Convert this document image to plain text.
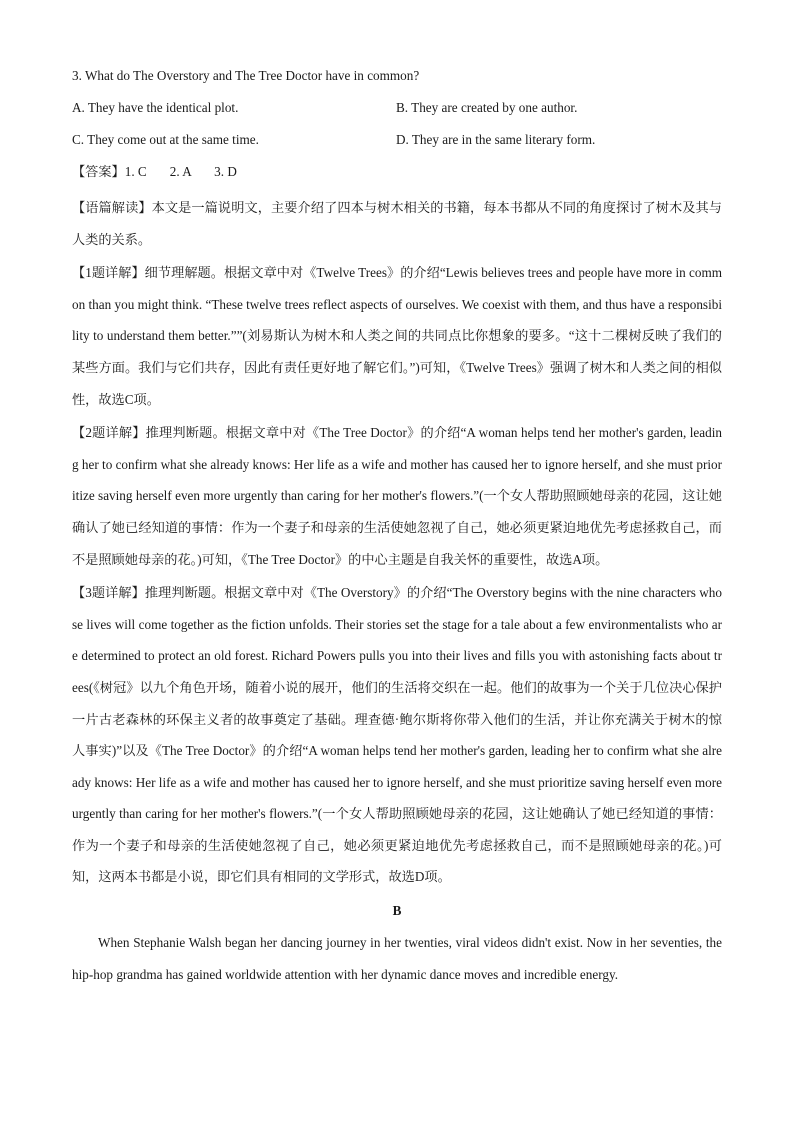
3. What do The Overstory and The Tree Doctor have in common?
A. They have the identical plot.	B. They are created by one author.
C. They come out at the same time.	D. They are in the same literary form.
【答案】1. C       2. A       3. D

【语篇解读】本文是一篇说明文，主要介绍了四本与树木相关的书籍，每本书都从不同的角度探讨了树木及其与人类的关系。

【1题详解】细节理解题。根据文章中对《Twelve Trees》的介绍“Lewis believes trees and people have more in common than you might think. “These twelve trees reflect aspects of ourselves. We coexist with them, and thus have a responsibility to understand them better.””(刘易斯认为树木和人类之间的共同点比你想象的要多。“这十二棵树反映了我们的某些方面。我们与它们共存，因此有责任更好地了解它们。”)可知，《Twelve Trees》强调了树木和人类之间的相似性，故选C项。

【2题详解】推理判断题。根据文章中对《The Tree Doctor》的介绍“A woman helps tend her mother's garden, leading her to confirm what she already knows: Her life as a wife and mother has caused her to ignore herself, and she must prioritize saving herself even more urgently than caring for her mother's flowers.”(一个女人帮助照顾她母亲的花园，这让她确认了她已经知道的事情：作为一个妻子和母亲的生活使她忽视了自己，她必须更紧迫地优先考虑拯救自己，而不是照顾她母亲的花。)可知，《The Tree Doctor》的中心主题是自我关怀的重要性，故选A项。

【3题详解】推理判断题。根据文章中对《The Overstory》的介绍“The Overstory begins with the nine characters whose lives will come together as the fiction unfolds. Their stories set the stage for a tale about a few environmentalists who are determined to protect an old forest. Richard Powers pulls you into their lives and fills you with astonishing facts about trees(《树冠》以九个角色开场，随着小说的展开，他们的生活将交织在一起。他们的故事为一个关于几位决心保护一片古老森林的环保主义者的故事奠定了基础。理查德·鲍尔斯将你带入他们的生活，并让你充满关于树木的惊人事实)”以及《The Tree Doctor》的介绍“A woman helps tend her mother's garden, leading her to confirm what she already knows: Her life as a wife and mother has caused her to ignore herself, and she must prioritize saving herself even more urgently than caring for her mother's flowers.”(一个女人帮助照顾她母亲的花园，这让她确认了她已经知道的事情：作为一个妻子和母亲的生活使她忽视了自己，她必须更紧迫地优先考虑拯救自己，而不是照顾她母亲的花。)可知，这两本书都是小说，即它们具有相同的文学形式，故选D项。

B

When Stephanie Walsh began her dancing journey in her twenties, viral videos didn't exist. Now in her seventies, the hip-hop grandma has gained worldwide attention with her dynamic dance moves and incredible energy.
